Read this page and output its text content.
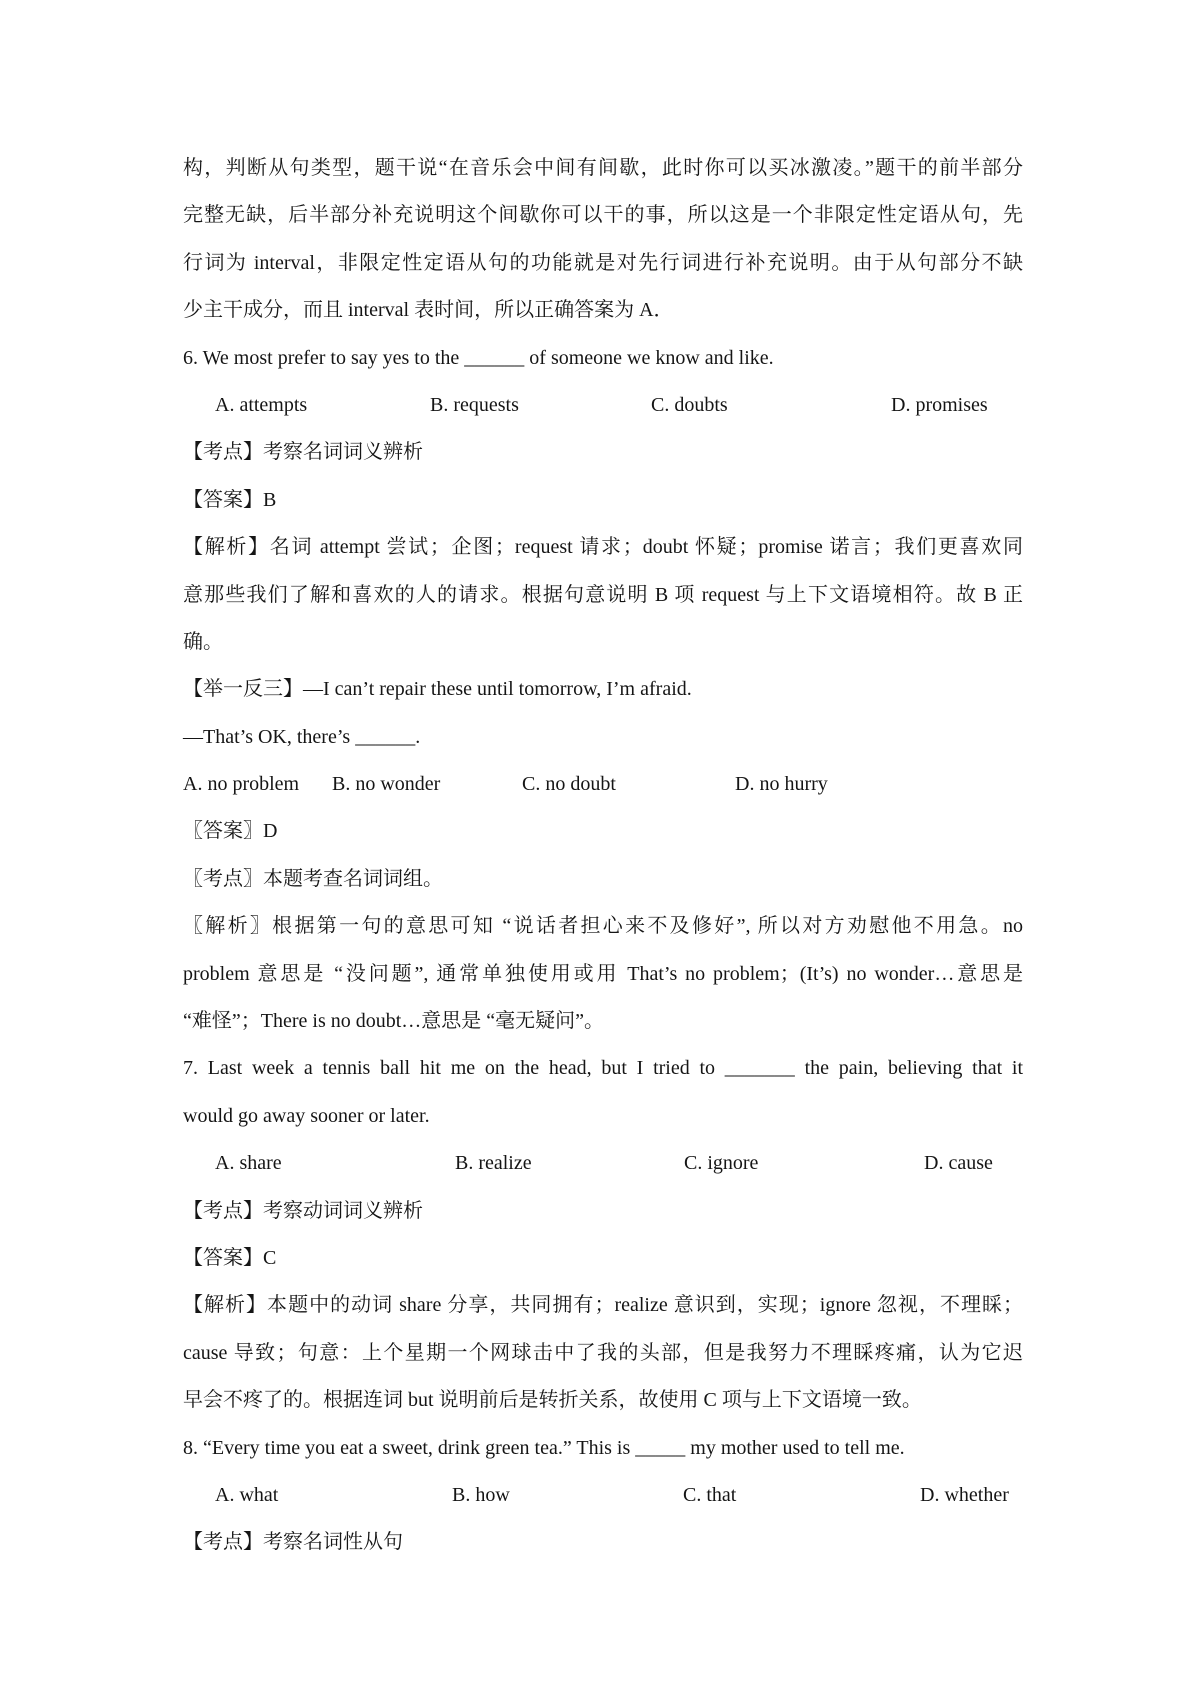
构，判断从句类型，题干说“在音乐会中间有间歇，此时你可以买冰激凌。”题干的前半部分
完整无缺，后半部分补充说明这个间歇你可以干的事，所以这是一个非限定性定语从句，先
行词为 interval，非限定性定语从句的功能就是对先行词进行补充说明。由于从句部分不缺
少主干成分，而且 interval 表时间，所以正确答案为 A．
6. We most prefer to say yes to the ______ of someone we know and like.
A. attempts	B. requests	C. doubts	D. promises
【考点】考察名词词义辨析
【答案】B
【解析】名词 attempt 尝试；企图；request 请求；doubt 怀疑；promise 诺言；我们更喜欢同
意那些我们了解和喜欢的人的请求。根据句意说明 B 项 request 与上下文语境相符。故 B 正
确。
【举一反三】—I can’t repair these until tomorrow, I’m afraid.
—That’s OK, there’s ______.
A. no problem B. no wonder	C. no doubt	D. no hurry
〖答案〗D
〖考点〗本题考查名词词组。
〖解析〗根据第一句的意思可知 “说话者担心来不及修好”, 所以对方劝慰他不用急。no
problem 意思是 “没问题”, 通常单独使用或用 That’s no problem；(It’s) no wonder…意思是
“难怪”；There is no doubt…意思是 “毫无疑问”。
7. Last week a tennis ball hit me on the head, but I tried to _______ the pain, believing that it
would go away sooner or later.
A. share	B. realize	C. ignore	D. cause
【考点】考察动词词义辨析
【答案】C
【解析】本题中的动词 share 分享，共同拥有；realize 意识到，实现；ignore 忽视，不理睬；
cause 导致；句意：上个星期一个网球击中了我的头部，但是我努力不理睬疼痛，认为它迟
早会不疼了的。根据连词 but 说明前后是转折关系，故使用 C 项与上下文语境一致。
8. “Every time you eat a sweet, drink green tea.” This is _____ my mother used to tell me.
A. what	B. how	C. that	D. whether
【考点】考察名词性从句
